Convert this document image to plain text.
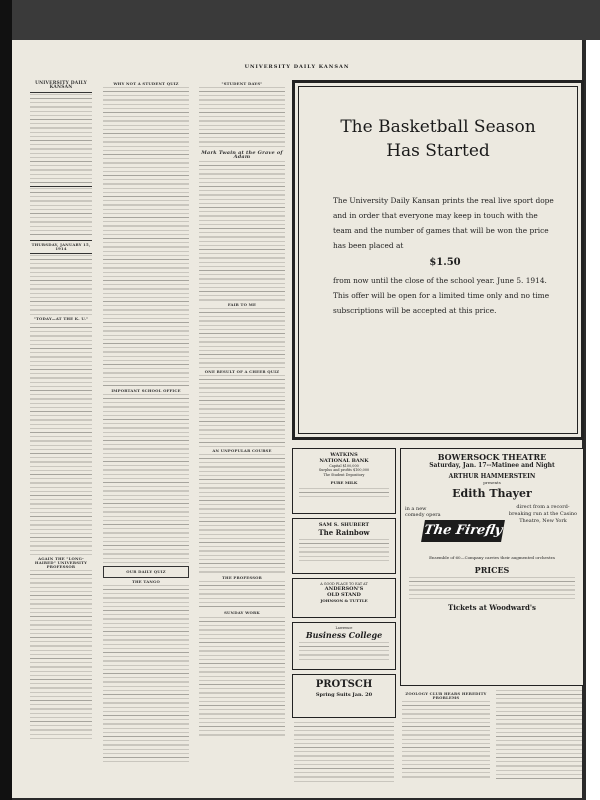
UNIVERSITY DAILY KANSAN
UNIVERSITY DAILY KANSAN
THURSDAY, JANUARY 15, 1914
"TODAY—AT THE K. U."
AGAIN THE "LONG-HAIRED" UNIVERSITY PROFESSOR
WHY NOT A STUDENT QUIZ
IMPORTANT SCHOOL OFFICE
OUR DAILY QUIZ
THE TANGO
"STUDENT DAYS"
Mark Twain at the Grave of Adam
FAIR TO ME
ONE RESULT OF A CHEER QUIZ
AN UNPOPULAR COURSE
THE PROFESSOR
SUNDAY WORK
The Basketball Season
Has Started
The University Daily Kansan prints the real live sport dope and in order that everyone may keep in touch with the team and the number of games that will be won the price has been placed at
$1.50
from now until the close of the school year. June 5. 1914. This offer will be open for a limited time only and no time subscriptions will be accepted at this price.
WATKINS
NATIONAL BANK
Capital $100,000
Surplus and profits $100,000
The Student Depository
PURE MILK
SAM S. SHUBERT
The Rainbow
A GOOD PLACE TO EAT AT
ANDERSON'S
OLD STAND
JOHNSON & TUTTLE
Lawrence
Business College
PROTSCH
Spring Suits Jan. 20
BOWERSOCK THEATRE
Saturday, Jan. 17--Matinee and Night
ARTHUR HAMMERSTEIN
presents
Edith Thayer
in a new comedy opera
The Firefly
direct from a record-breaking run at the Casino Theatre, New York
Ensemble of 60—Company carries their augmented orchestra
PRICES
Tickets at Woodward's
ZOOLOGY CLUB HEARS HEREDITY PROBLEMS
